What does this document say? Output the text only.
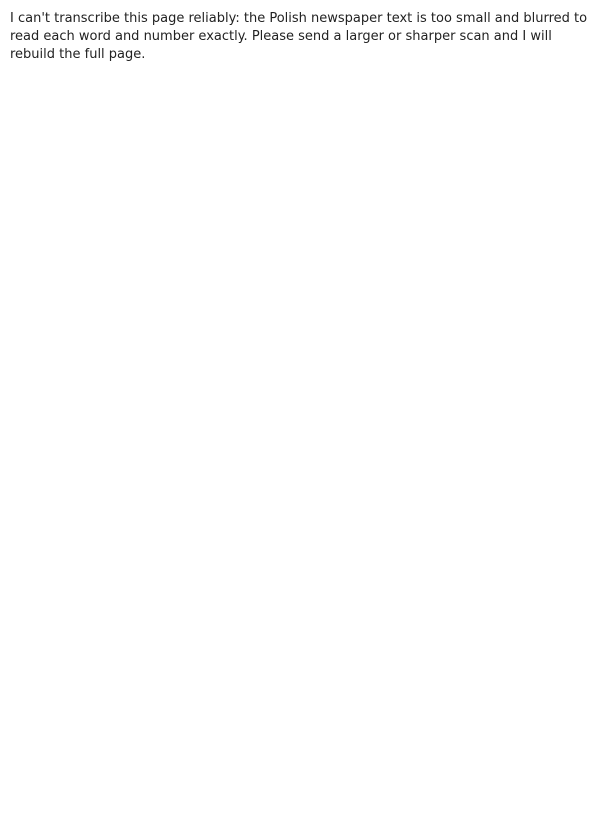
I can't transcribe this page reliably: the Polish newspaper text is too small and blurred to read each word and number exactly. Please send a larger or sharper scan and I will rebuild the full page.
